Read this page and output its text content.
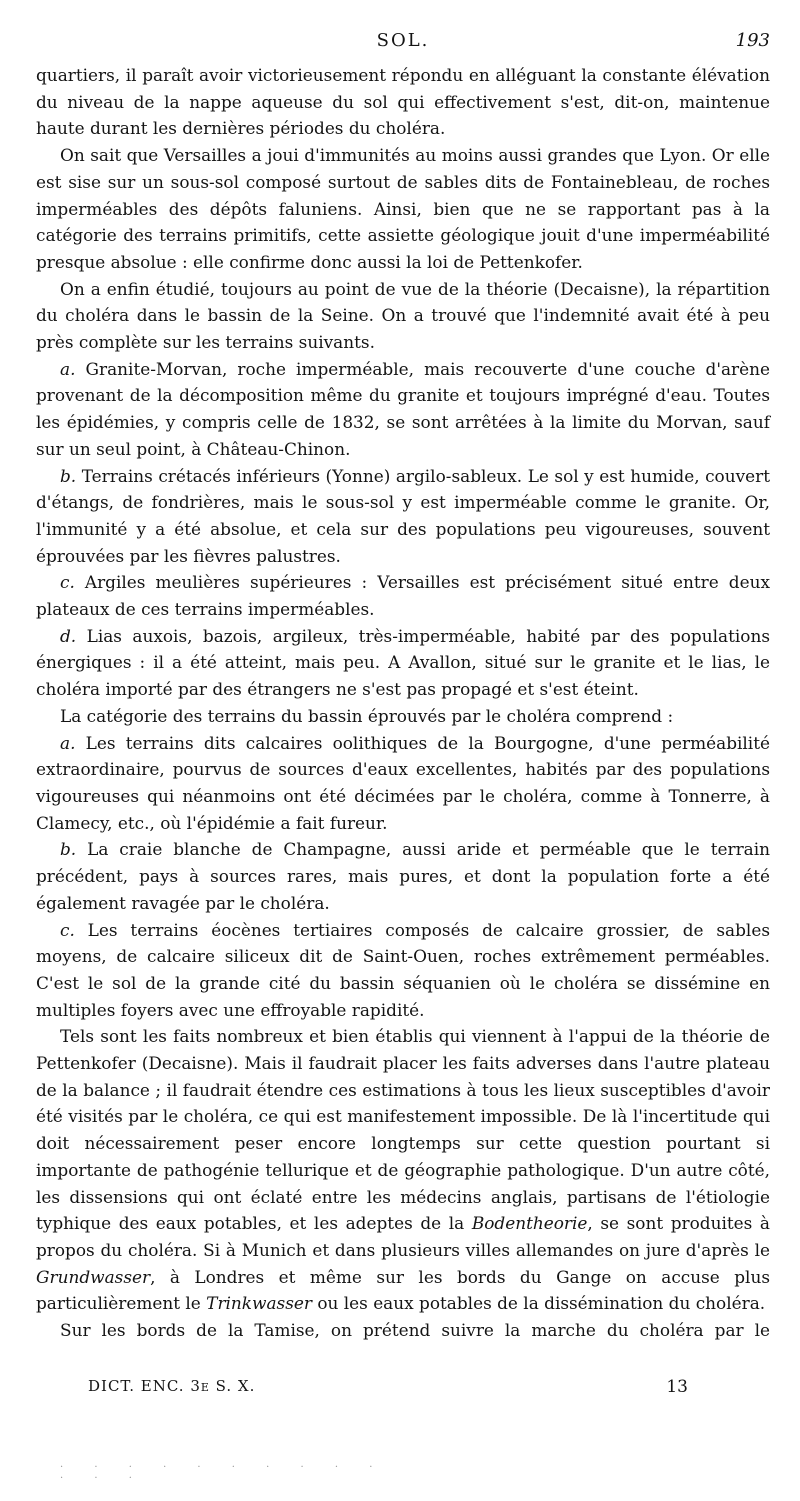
SOL.	193

quartiers, il paraît avoir victorieusement répondu en alléguant la constante élévation du niveau de la nappe aqueuse du sol qui effectivement s'est, dit-on, maintenue haute durant les dernières périodes du choléra.

On sait que Versailles a joui d'immunités au moins aussi grandes que Lyon. Or elle est sise sur un sous-sol composé surtout de sables dits de Fontainebleau, de roches imperméables des dépôts faluniens. Ainsi, bien que ne se rapportant pas à la catégorie des terrains primitifs, cette assiette géologique jouit d'une imperméabilité presque absolue : elle confirme donc aussi la loi de Pettenkofer.

On a enfin étudié, toujours au point de vue de la théorie (Decaisne), la répartition du choléra dans le bassin de la Seine. On a trouvé que l'indemnité avait été à peu près complète sur les terrains suivants.

a. Granite-Morvan, roche imperméable, mais recouverte d'une couche d'arène provenant de la décomposition même du granite et toujours imprégné d'eau. Toutes les épidémies, y compris celle de 1832, se sont arrêtées à la limite du Morvan, sauf sur un seul point, à Château-Chinon.

b. Terrains crétacés inférieurs (Yonne) argilo-sableux. Le sol y est humide, couvert d'étangs, de fondrières, mais le sous-sol y est imperméable comme le granite. Or, l'immunité y a été absolue, et cela sur des populations peu vigoureuses, souvent éprouvées par les fièvres palustres.

c. Argiles meulières supérieures : Versailles est précisément situé entre deux plateaux de ces terrains imperméables.

d. Lias auxois, bazois, argileux, très-imperméable, habité par des populations énergiques : il a été atteint, mais peu. A Avallon, situé sur le granite et le lias, le choléra importé par des étrangers ne s'est pas propagé et s'est éteint.

La catégorie des terrains du bassin éprouvés par le choléra comprend :

a. Les terrains dits calcaires oolithiques de la Bourgogne, d'une perméabilité extraordinaire, pourvus de sources d'eaux excellentes, habités par des populations vigoureuses qui néanmoins ont été décimées par le choléra, comme à Tonnerre, à Clamecy, etc., où l'épidémie a fait fureur.

b. La craie blanche de Champagne, aussi aride et perméable que le terrain précédent, pays à sources rares, mais pures, et dont la population forte a été également ravagée par le choléra.

c. Les terrains éocènes tertiaires composés de calcaire grossier, de sables moyens, de calcaire siliceux dit de Saint-Ouen, roches extrêmement perméables. C'est le sol de la grande cité du bassin séquanien où le choléra se dissémine en multiples foyers avec une effroyable rapidité.

Tels sont les faits nombreux et bien établis qui viennent à l'appui de la théorie de Pettenkofer (Decaisne). Mais il faudrait placer les faits adverses dans l'autre plateau de la balance ; il faudrait étendre ces estimations à tous les lieux susceptibles d'avoir été visités par le choléra, ce qui est manifestement impossible. De là l'incertitude qui doit nécessairement peser encore longtemps sur cette question pourtant si importante de pathogénie tellurique et de géographie pathologique. D'un autre côté, les dissensions qui ont éclaté entre les médecins anglais, partisans de l'étiologie typhique des eaux potables, et les adeptes de la Bodentheorie, se sont produites à propos du choléra. Si à Munich et dans plusieurs villes allemandes on jure d'après le Grundwasser, à Londres et même sur les bords du Gange on accuse plus particulièrement le Trinkwasser ou les eaux potables de la dissémination du choléra.

Sur les bords de la Tamise, on prétend suivre la marche du choléra par le

DICT. ENC. 3e S. X.	13
· · · · · · · · · · · · ·
